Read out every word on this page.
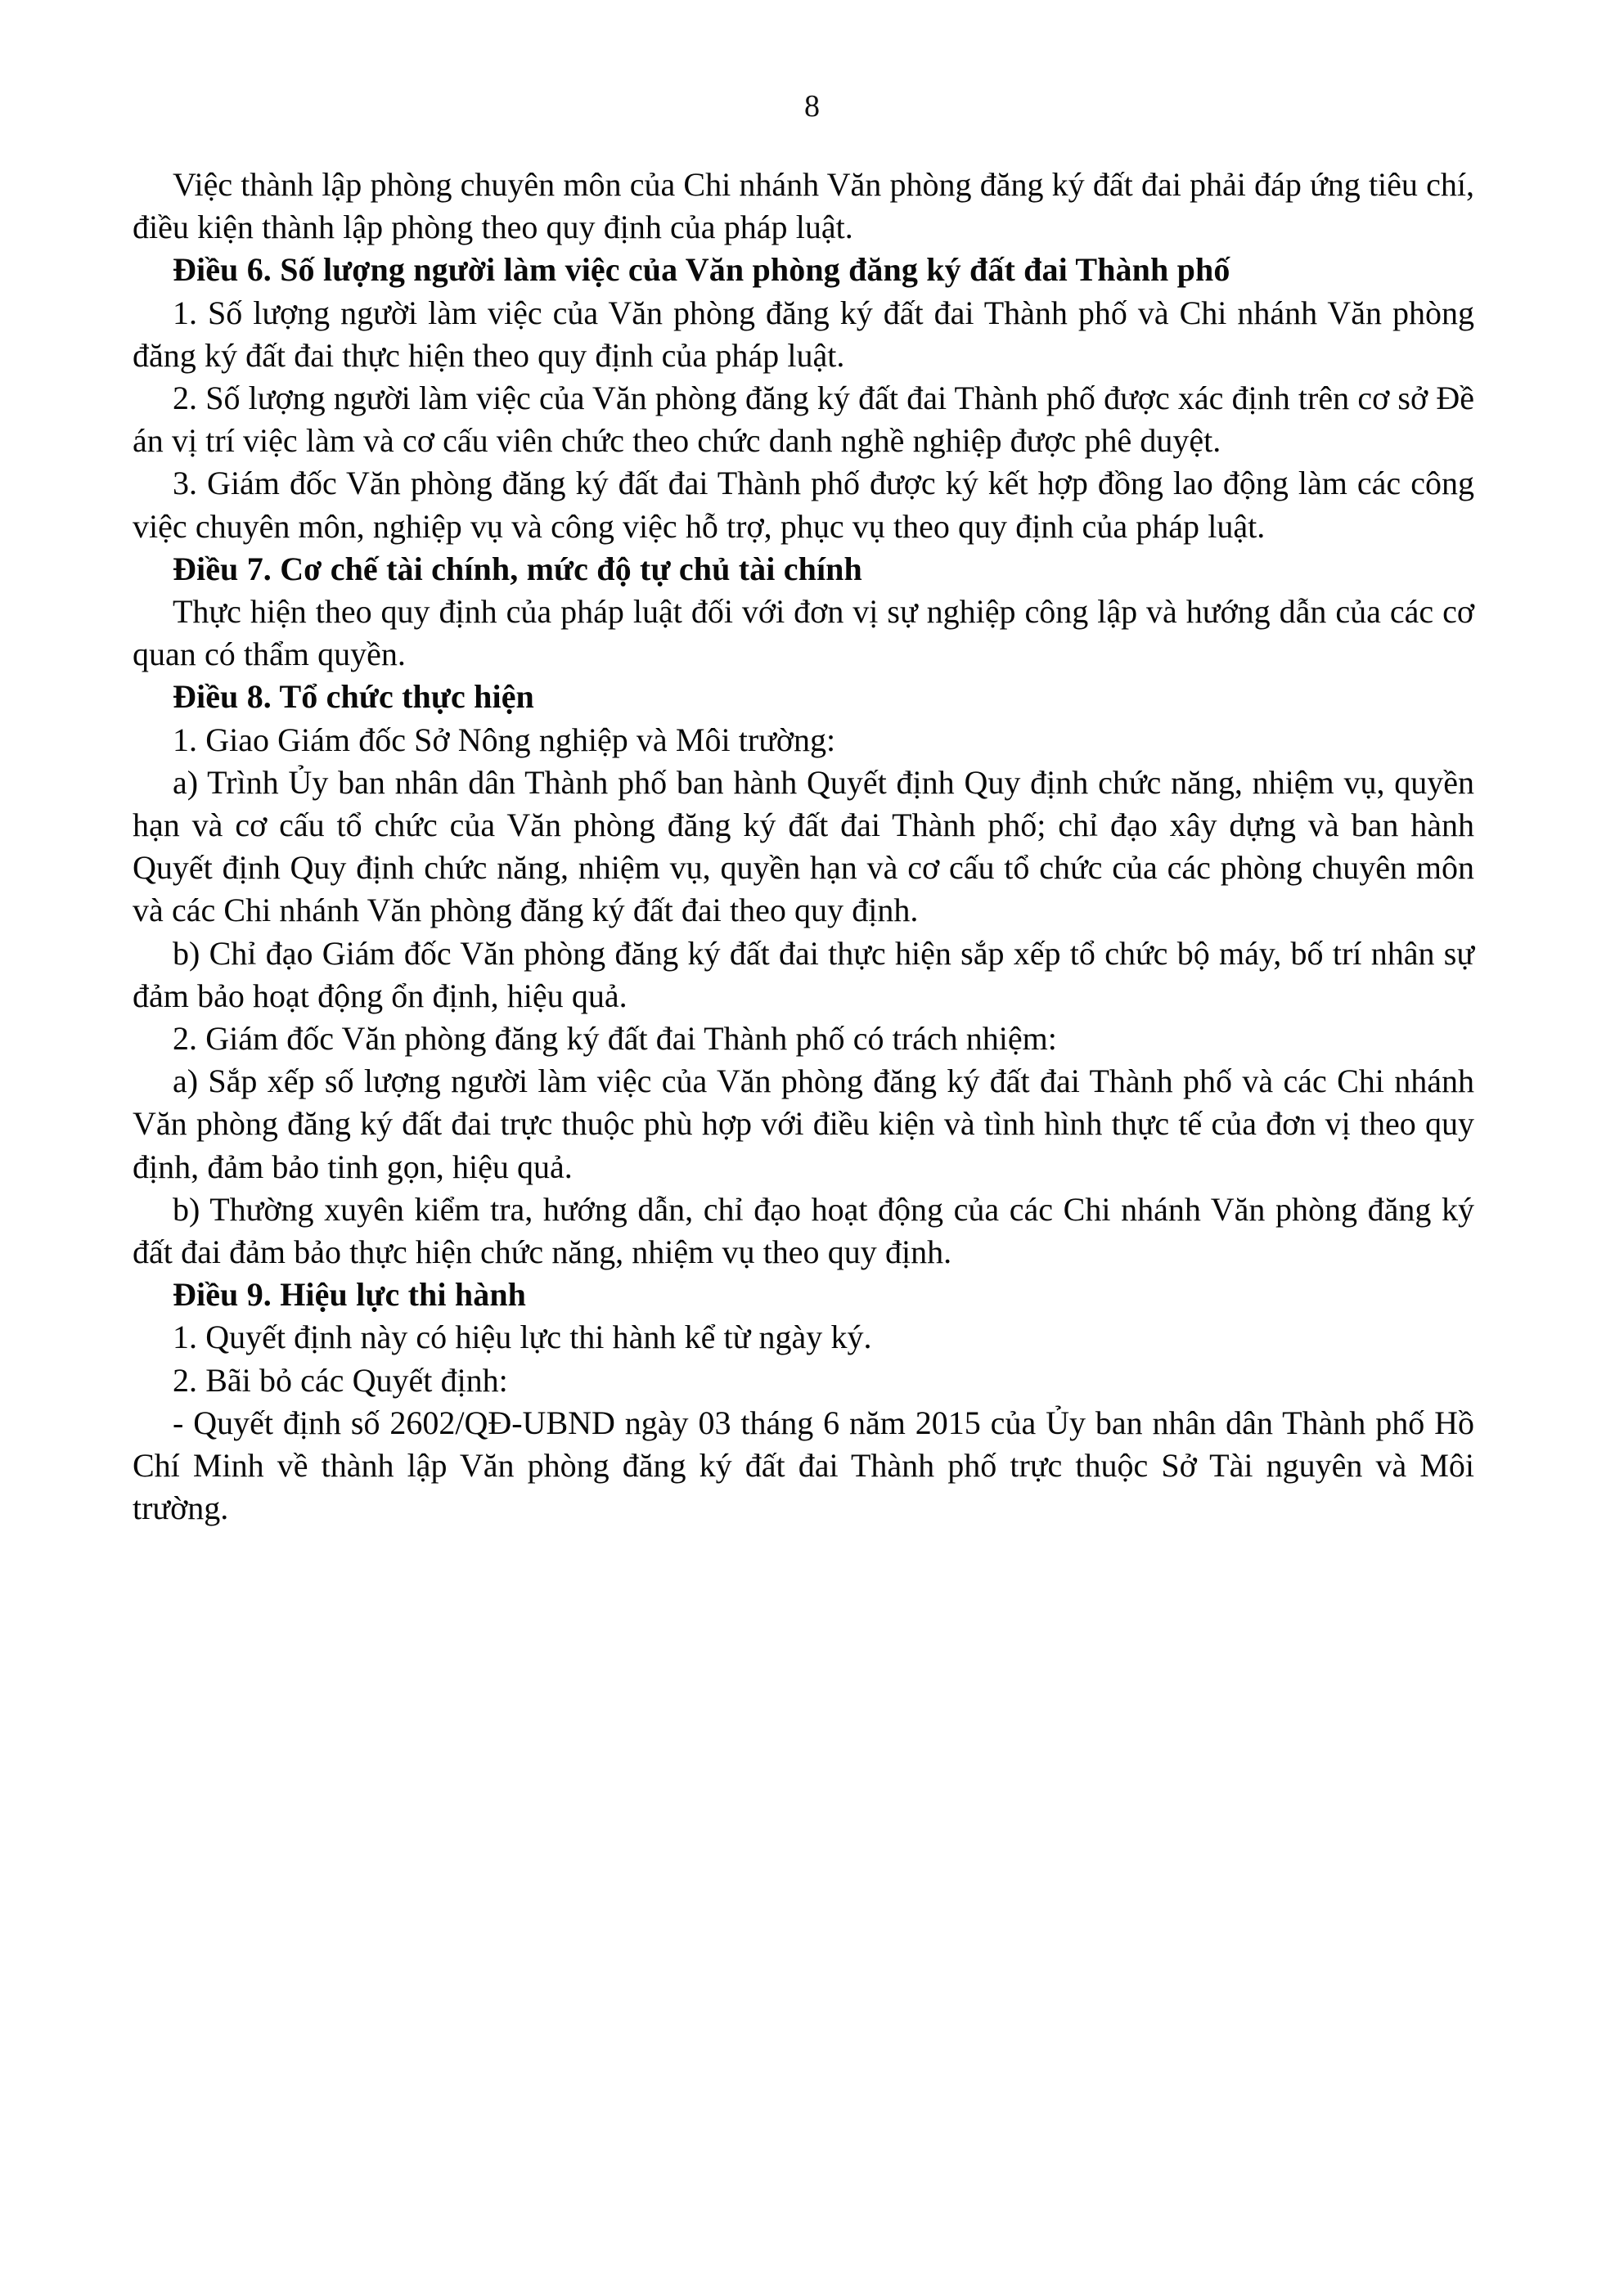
8

Việc thành lập phòng chuyên môn của Chi nhánh Văn phòng đăng ký đất đai phải đáp ứng tiêu chí, điều kiện thành lập phòng theo quy định của pháp luật.

Điều 6. Số lượng người làm việc của Văn phòng đăng ký đất đai Thành phố

1. Số lượng người làm việc của Văn phòng đăng ký đất đai Thành phố và Chi nhánh Văn phòng đăng ký đất đai thực hiện theo quy định của pháp luật.

2. Số lượng người làm việc của Văn phòng đăng ký đất đai Thành phố được xác định trên cơ sở Đề án vị trí việc làm và cơ cấu viên chức theo chức danh nghề nghiệp được phê duyệt.

3. Giám đốc Văn phòng đăng ký đất đai Thành phố được ký kết hợp đồng lao động làm các công việc chuyên môn, nghiệp vụ và công việc hỗ trợ, phục vụ theo quy định của pháp luật.

Điều 7. Cơ chế tài chính, mức độ tự chủ tài chính

Thực hiện theo quy định của pháp luật đối với đơn vị sự nghiệp công lập và hướng dẫn của các cơ quan có thẩm quyền.

Điều 8. Tổ chức thực hiện

1. Giao Giám đốc Sở Nông nghiệp và Môi trường:

a) Trình Ủy ban nhân dân Thành phố ban hành Quyết định Quy định chức năng, nhiệm vụ, quyền hạn và cơ cấu tổ chức của Văn phòng đăng ký đất đai Thành phố; chỉ đạo xây dựng và ban hành Quyết định Quy định chức năng, nhiệm vụ, quyền hạn và cơ cấu tổ chức của các phòng chuyên môn và các Chi nhánh Văn phòng đăng ký đất đai theo quy định.

b) Chỉ đạo Giám đốc Văn phòng đăng ký đất đai thực hiện sắp xếp tổ chức bộ máy, bố trí nhân sự đảm bảo hoạt động ổn định, hiệu quả.

2. Giám đốc Văn phòng đăng ký đất đai Thành phố có trách nhiệm:

a) Sắp xếp số lượng người làm việc của Văn phòng đăng ký đất đai Thành phố và các Chi nhánh Văn phòng đăng ký đất đai trực thuộc phù hợp với điều kiện và tình hình thực tế của đơn vị theo quy định, đảm bảo tinh gọn, hiệu quả.

b) Thường xuyên kiểm tra, hướng dẫn, chỉ đạo hoạt động của các Chi nhánh Văn phòng đăng ký đất đai đảm bảo thực hiện chức năng, nhiệm vụ theo quy định.

Điều 9. Hiệu lực thi hành

1. Quyết định này có hiệu lực thi hành kể từ ngày ký.

2. Bãi bỏ các Quyết định:

- Quyết định số 2602/QĐ-UBND ngày 03 tháng 6 năm 2015 của Ủy ban nhân dân Thành phố Hồ Chí Minh về thành lập Văn phòng đăng ký đất đai Thành phố trực thuộc Sở Tài nguyên và Môi trường.
